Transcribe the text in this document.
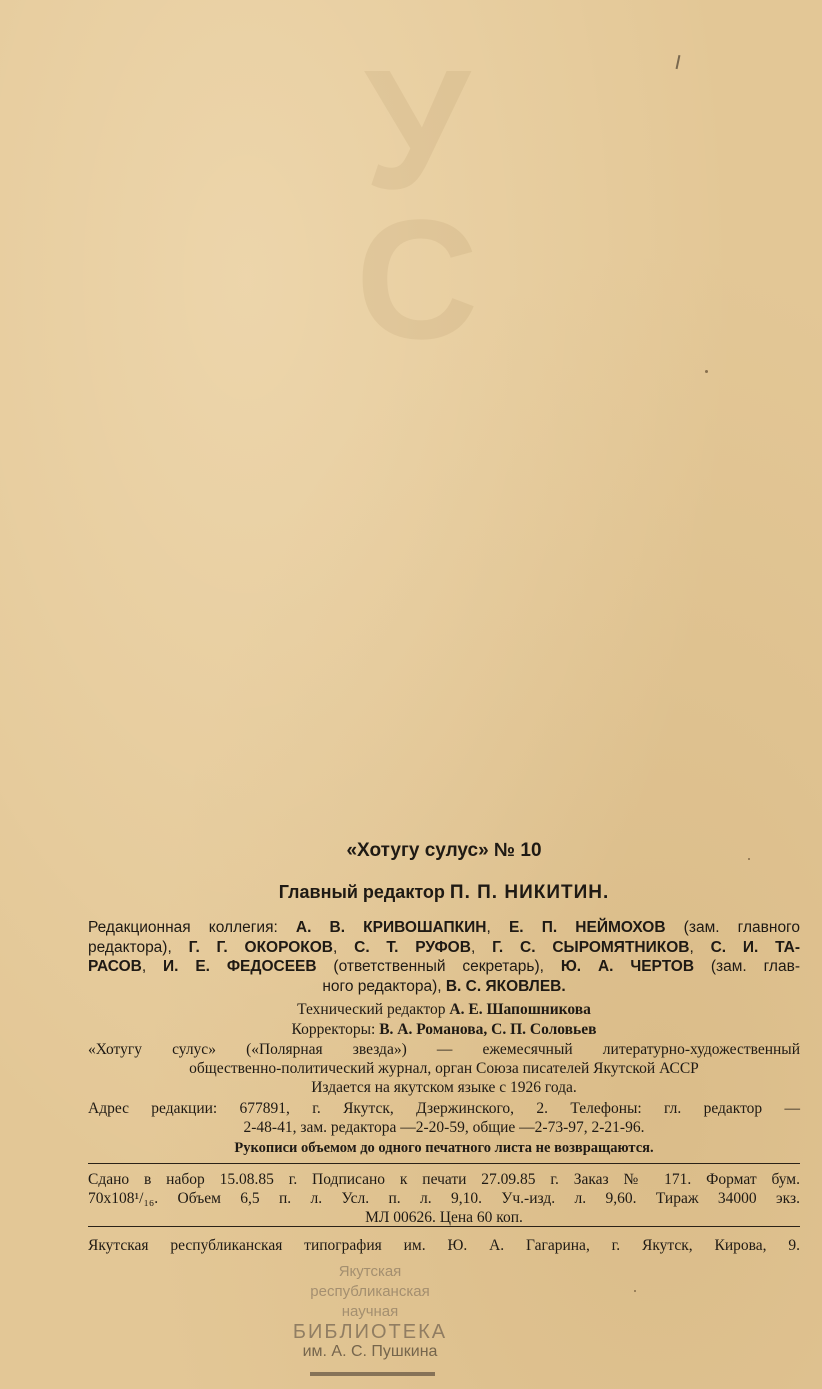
У
С
«Хотугу сулус» № 10
Главный редактор П. П. НИКИТИН.
Редакционная коллегия: А. В. КРИВОШАПКИН, Е. П. НЕЙМОХОВ (зам. главного
редактора), Г. Г. ОКОРОКОВ, С. Т. РУФОВ, Г. С. СЫРОМЯТНИКОВ, С. И. ТА-
РАСОВ, И. Е. ФЕДОСЕЕВ (ответственный секретарь), Ю. А. ЧЕРТОВ (зам. глав-
ного редактора), В. С. ЯКОВЛЕВ.
Технический редактор А. Е. Шапошникова
Корректоры: В. А. Романова, С. П. Соловьев
«Хотугу сулус» («Полярная звезда») — ежемесячный литературно-художественный
общественно-политический журнал, орган Союза писателей Якутской АССР
Издается на якутском языке с 1926 года.
Адрес редакции: 677891, г. Якутск, Дзержинского, 2. Телефоны: гл. редактор —
2-48-41, зам. редактора —2-20-59, общие —2-73-97, 2-21-96.
Рукописи объемом до одного печатного листа не возвращаются.
Сдано в набор 15.08.85 г. Подписано к печати 27.09.85 г. Заказ № 171. Формат бум.
70x108¹/₁₆. Объем 6,5 п. л. Усл. п. л. 9,10. Уч.-изд. л. 9,60. Тираж 34000 экз.
МЛ 00626. Цена 60 коп.
Якутская республиканская типография им. Ю. А. Гагарина, г. Якутск, Кирова, 9.
Якутская
республиканская
научная
БИБЛИОТЕКА
им. А. С. Пушкина
